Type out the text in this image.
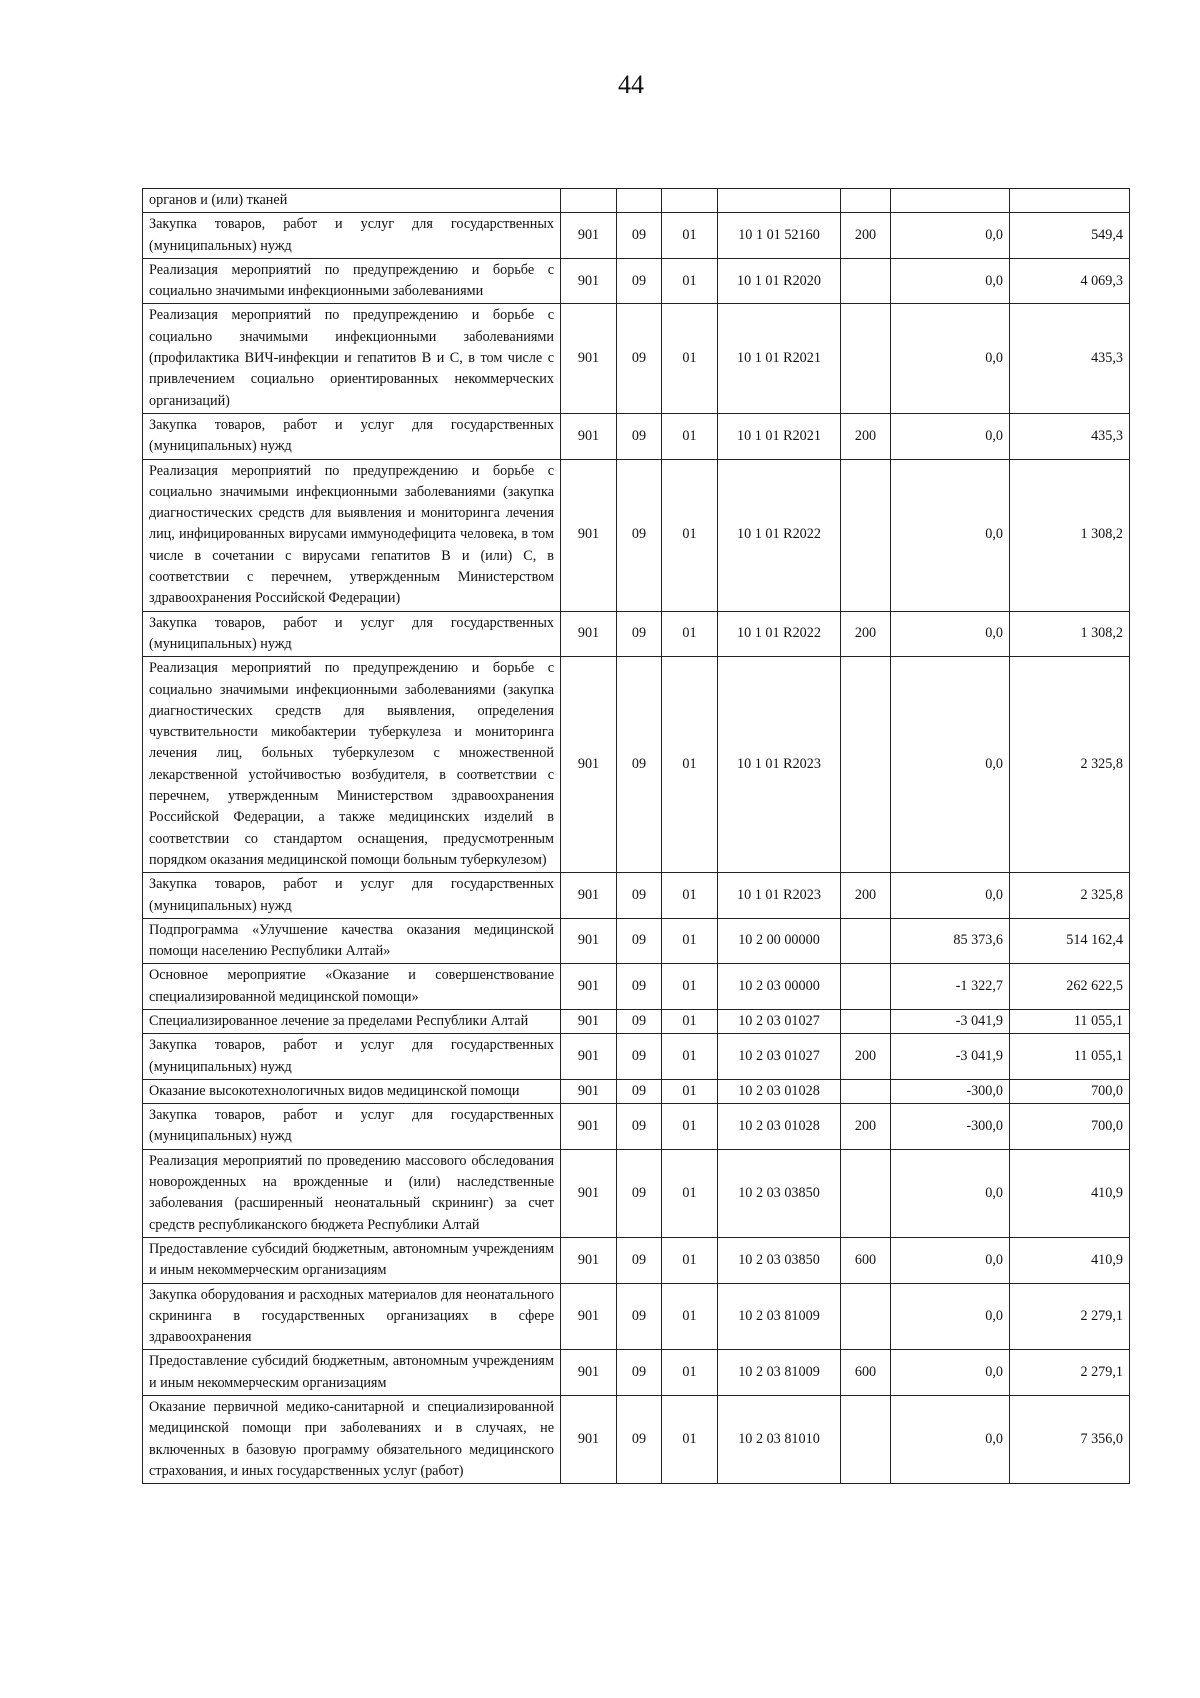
44
органов и (или) тканей							
Закупка товаров, работ и услуг для государственных (муниципальных) нужд	901	09	01	10 1 01 52160	200	0,0	549,4
Реализация мероприятий по предупреждению и борьбе с социально значимыми инфекционными заболеваниями	901	09	01	10 1 01 R2020		0,0	4 069,3
Реализация мероприятий по предупреждению и борьбе с социально значимыми инфекционными заболеваниями (профилактика ВИЧ-инфекции и гепатитов B и C, в том числе с привлечением социально ориентированных некоммерческих организаций)	901	09	01	10 1 01 R2021		0,0	435,3
Закупка товаров, работ и услуг для государственных (муниципальных) нужд	901	09	01	10 1 01 R2021	200	0,0	435,3
Реализация мероприятий по предупреждению и борьбе с социально значимыми инфекционными заболеваниями (закупка диагностических средств для выявления и мониторинга лечения лиц, инфицированных вирусами иммунодефицита человека, в том числе в сочетании с вирусами гепатитов B и (или) C, в соответствии с перечнем, утвержденным Министерством здравоохранения Российской Федерации)	901	09	01	10 1 01 R2022		0,0	1 308,2
Закупка товаров, работ и услуг для государственных (муниципальных) нужд	901	09	01	10 1 01 R2022	200	0,0	1 308,2
Реализация мероприятий по предупреждению и борьбе с социально значимыми инфекционными заболеваниями (закупка диагностических средств для выявления, определения чувствительности микобактерии туберкулеза и мониторинга лечения лиц, больных туберкулезом с множественной лекарственной устойчивостью возбудителя, в соответствии с перечнем, утвержденным Министерством здравоохранения Российской Федерации, а также медицинских изделий в соответствии со стандартом оснащения, предусмотренным порядком оказания медицинской помощи больным туберкулезом)	901	09	01	10 1 01 R2023		0,0	2 325,8
Закупка товаров, работ и услуг для государственных (муниципальных) нужд	901	09	01	10 1 01 R2023	200	0,0	2 325,8
Подпрограмма «Улучшение качества оказания медицинской помощи населению Республики Алтай»	901	09	01	10 2 00 00000		85 373,6	514 162,4
Основное мероприятие «Оказание и совершенствование специализированной медицинской помощи»	901	09	01	10 2 03 00000		-1 322,7	262 622,5
Специализированное лечение за пределами Республики Алтай	901	09	01	10 2 03 01027		-3 041,9	11 055,1
Закупка товаров, работ и услуг для государственных (муниципальных) нужд	901	09	01	10 2 03 01027	200	-3 041,9	11 055,1
Оказание высокотехнологичных видов медицинской помощи	901	09	01	10 2 03 01028		-300,0	700,0
Закупка товаров, работ и услуг для государственных (муниципальных) нужд	901	09	01	10 2 03 01028	200	-300,0	700,0
Реализация мероприятий по проведению массового обследования новорожденных на врожденные и (или) наследственные заболевания (расширенный неонатальный скрининг) за счет средств республиканского бюджета Республики Алтай	901	09	01	10 2 03 03850		0,0	410,9
Предоставление субсидий бюджетным, автономным учреждениям и иным некоммерческим организациям	901	09	01	10 2 03 03850	600	0,0	410,9
Закупка оборудования и расходных материалов для неонатального скрининга в государственных организациях в сфере здравоохранения	901	09	01	10 2 03 81009		0,0	2 279,1
Предоставление субсидий бюджетным, автономным учреждениям и иным некоммерческим организациям	901	09	01	10 2 03 81009	600	0,0	2 279,1
Оказание первичной медико-санитарной и специализированной медицинской помощи при заболеваниях и в случаях, не включенных в базовую программу обязательного медицинского страхования, и иных государственных услуг (работ)	901	09	01	10 2 03 81010		0,0	7 356,0
